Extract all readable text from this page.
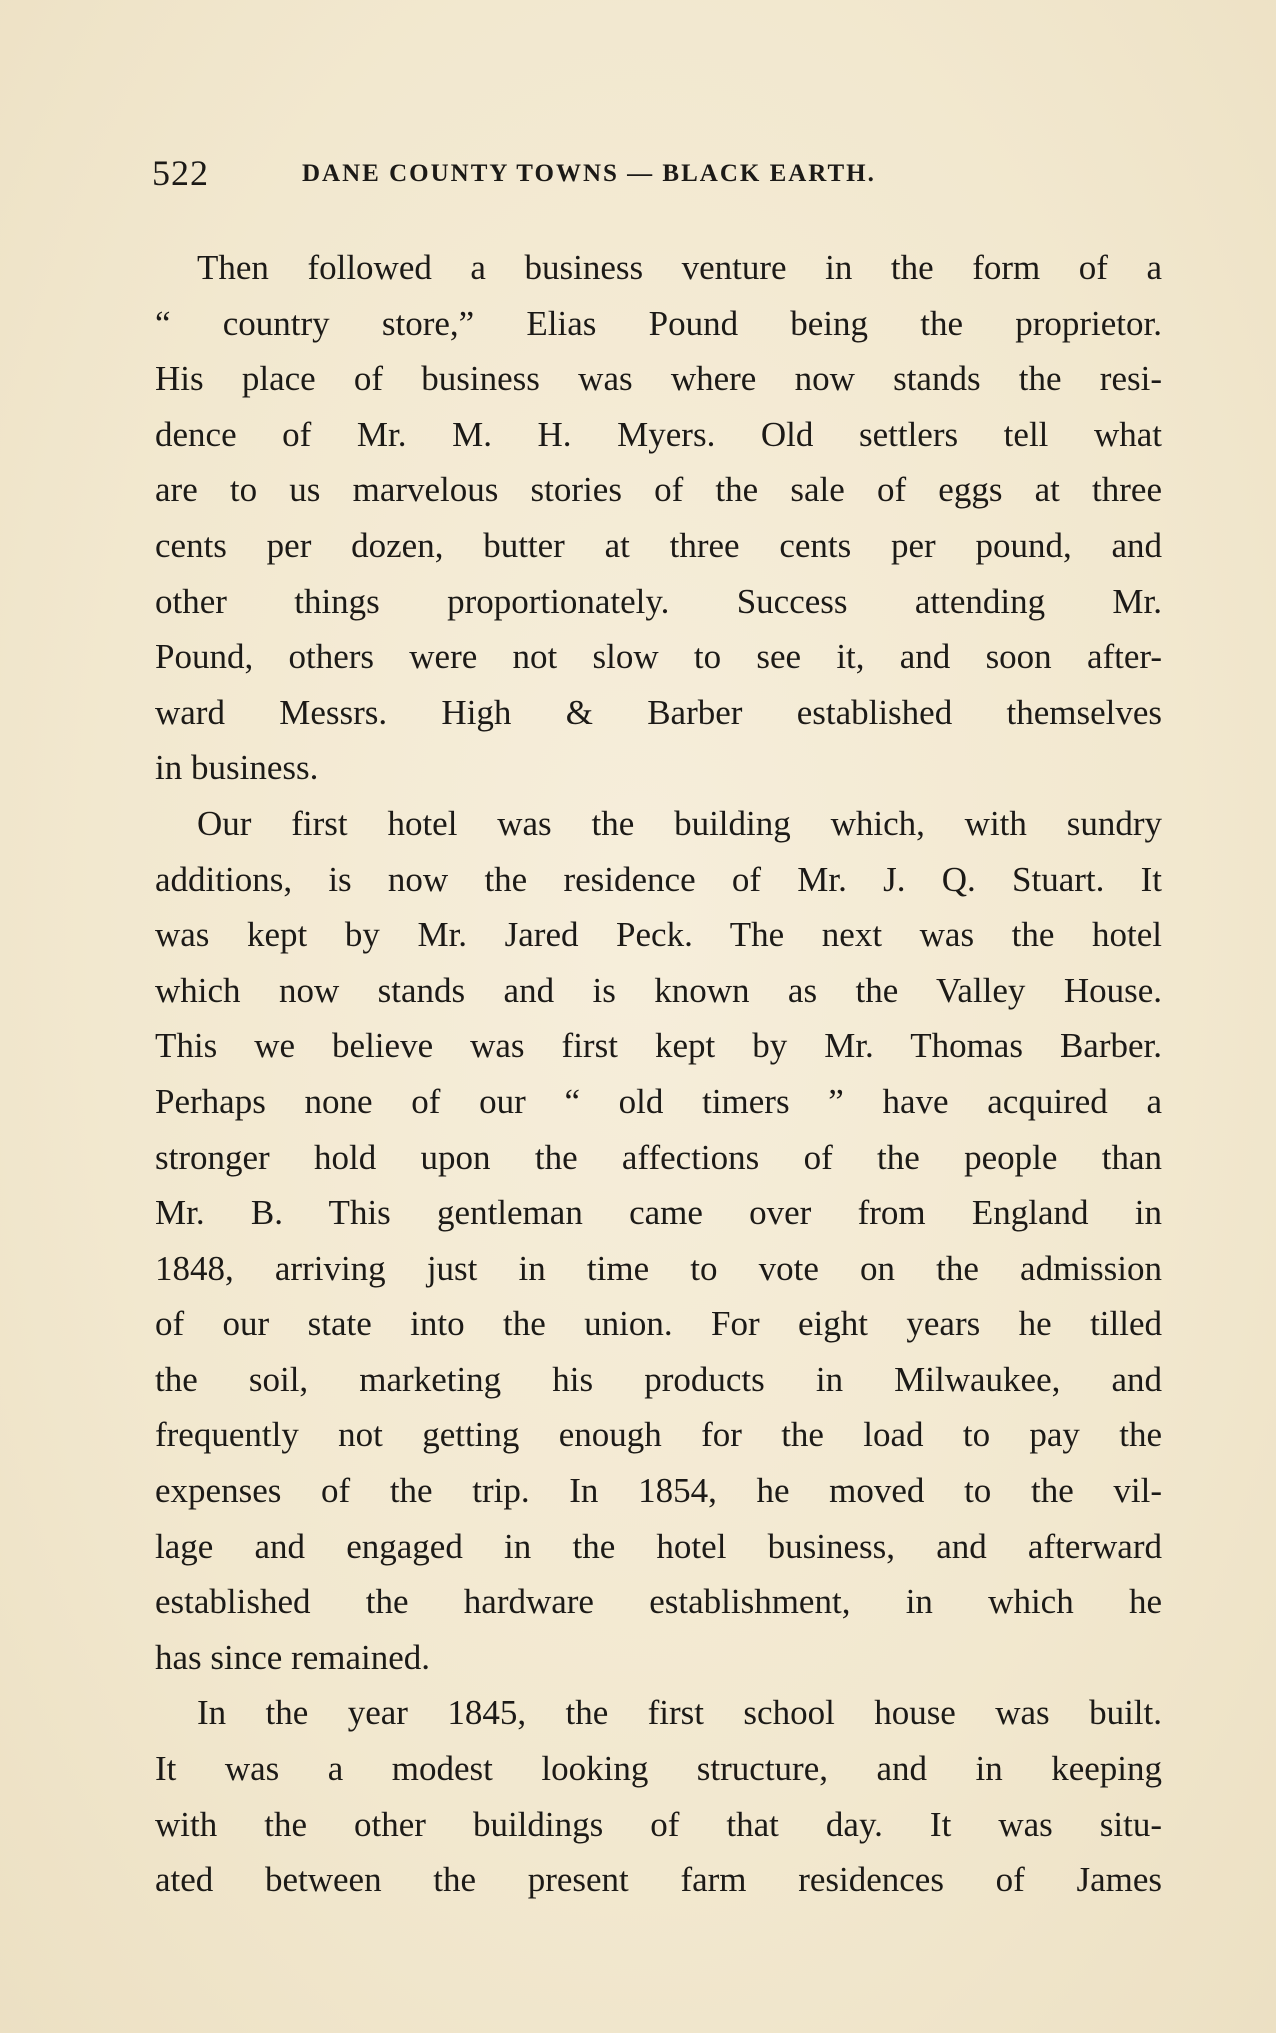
522	DANE COUNTY TOWNS — BLACK EARTH.
Then followed a business venture in the form of a
“ country store,” Elias Pound being the proprietor.
His place of business was where now stands the resi-
dence of Mr. M. H. Myers. Old settlers tell what
are to us marvelous stories of the sale of eggs at three
cents per dozen, butter at three cents per pound, and
other things proportionately. Success attending Mr.
Pound, others were not slow to see it, and soon after-
ward Messrs. High & Barber established themselves
in business.
Our first hotel was the building which, with sundry
additions, is now the residence of Mr. J. Q. Stuart. It
was kept by Mr. Jared Peck. The next was the hotel
which now stands and is known as the Valley House.
This we believe was first kept by Mr. Thomas Barber.
Perhaps none of our “ old timers ” have acquired a
stronger hold upon the affections of the people than
Mr. B. This gentleman came over from England in
1848, arriving just in time to vote on the admission
of our state into the union. For eight years he tilled
the soil, marketing his products in Milwaukee, and
frequently not getting enough for the load to pay the
expenses of the trip. In 1854, he moved to the vil-
lage and engaged in the hotel business, and afterward
established the hardware establishment, in which he
has since remained.
In the year 1845, the first school house was built.
It was a modest looking structure, and in keeping
with the other buildings of that day. It was situ-
ated between the present farm residences of James
